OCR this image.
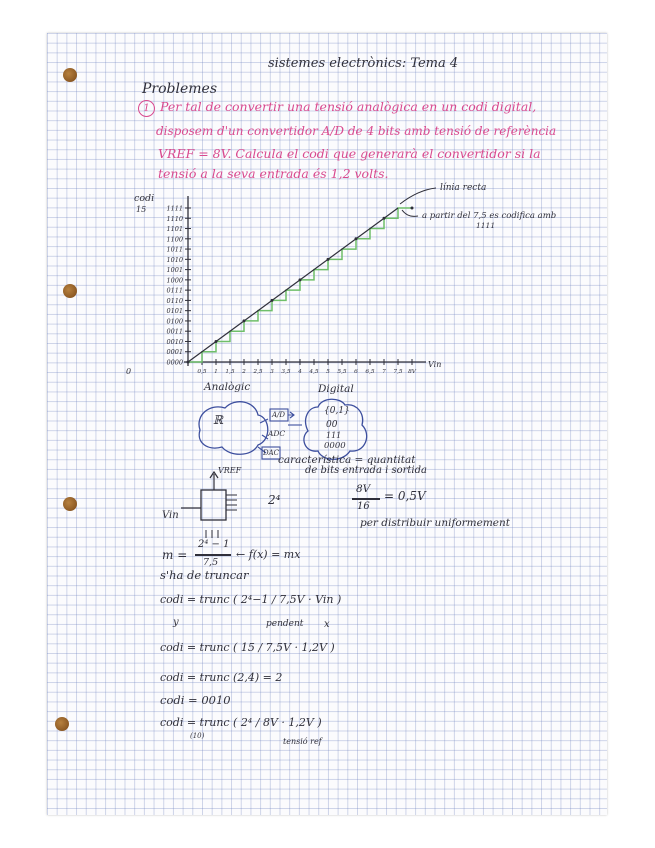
sistemes electrònics: Tema 4
Problemes
1 Per tal de convertir una tensió analògica en un codi digital,
disposem d'un convertidor A/D de 4 bits amb tensió de referència
VREF = 8V. Calcula el codi que generarà el convertidor si la
tensió a la seva entrada és 1,2 volts.
0000
0001
0010
0011
0100
0101
0110
0111
1000
1001
1010
1011
1100
1101
1110
1111
0,5 1 1,5 2 2,5 3 3,5 4 4,5 5 5,5 6 6,5 7 7,5 8V
codi
15
Vin
0
línia recta
a partir del 7,5 es codifica amb
1111
Analògic	Digital
ℝ	A/D
ADC
DAC
{0,1}
00
111
0000
característica = quantitat
de bits entrada i sortida
VREF
Vin
2⁴
8V
16
= 0,5V
per distribuir uniformement
m =
2⁴ − 1
7,5
← f(x) = mx
s'ha de truncar
codi = trunc ( 2⁴−1 / 7,5V · Vin )
y	pendent x
codi = trunc ( 15 / 7,5V · 1,2V )
codi = trunc (2,4) = 2
codi = 0010
codi = trunc ( 2⁴ / 8V · 1,2V )
(10)
tensió ref
